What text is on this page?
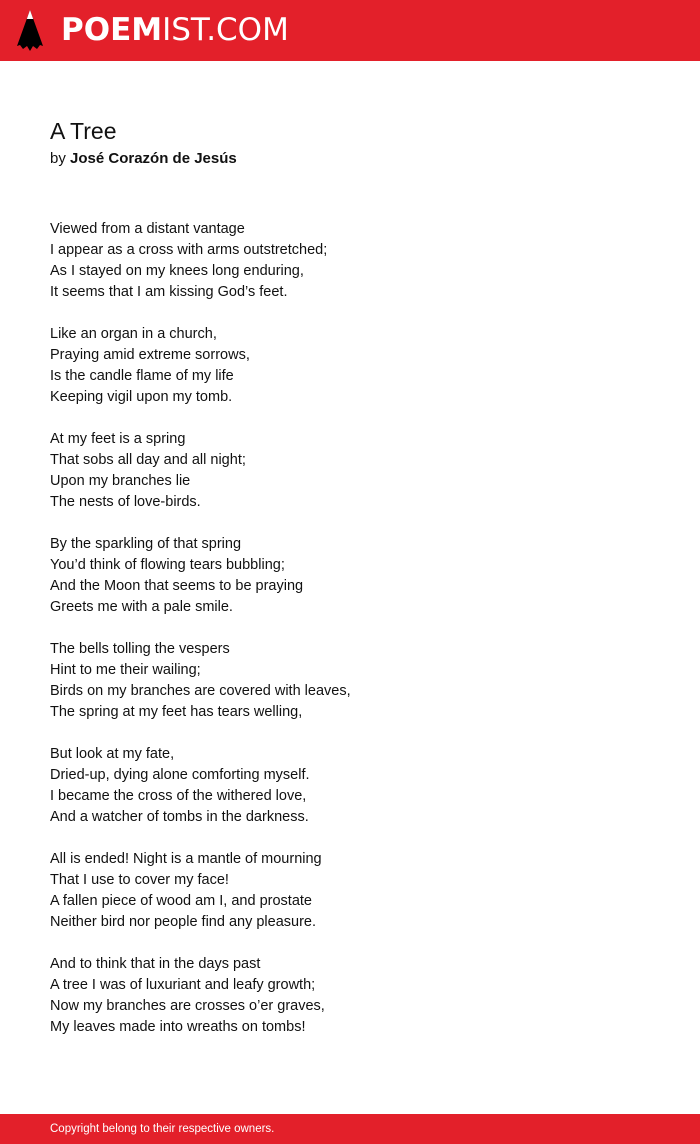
POEMIST.COM
A Tree
by José Corazón de Jesús
Viewed from a distant vantage
I appear as a cross with arms outstretched;
As I stayed on my knees long enduring,
It seems that I am kissing God’s feet.
Like an organ in a church,
Praying amid extreme sorrows,
Is the candle flame of my life
Keeping vigil upon my tomb.
At my feet is a spring
That sobs all day and all night;
Upon my branches lie
The nests of love-birds.
By the sparkling of that spring
You’d think of flowing tears bubbling;
And the Moon that seems to be praying
Greets me with a pale smile.
The bells tolling the vespers
Hint to me their wailing;
Birds on my branches are covered with leaves,
The spring at my feet has tears welling,
But look at my fate,
Dried-up, dying alone comforting myself.
I became the cross of the withered love,
And a watcher of tombs in the darkness.
All is ended! Night is a mantle of mourning
That I use to cover my face!
A fallen piece of wood am I, and prostate
Neither bird nor people find any pleasure.
And to think that in the days past
A tree I was of luxuriant and leafy growth;
Now my branches are crosses o’er graves,
My leaves made into wreaths on tombs!
Copyright belong to their respective owners.
